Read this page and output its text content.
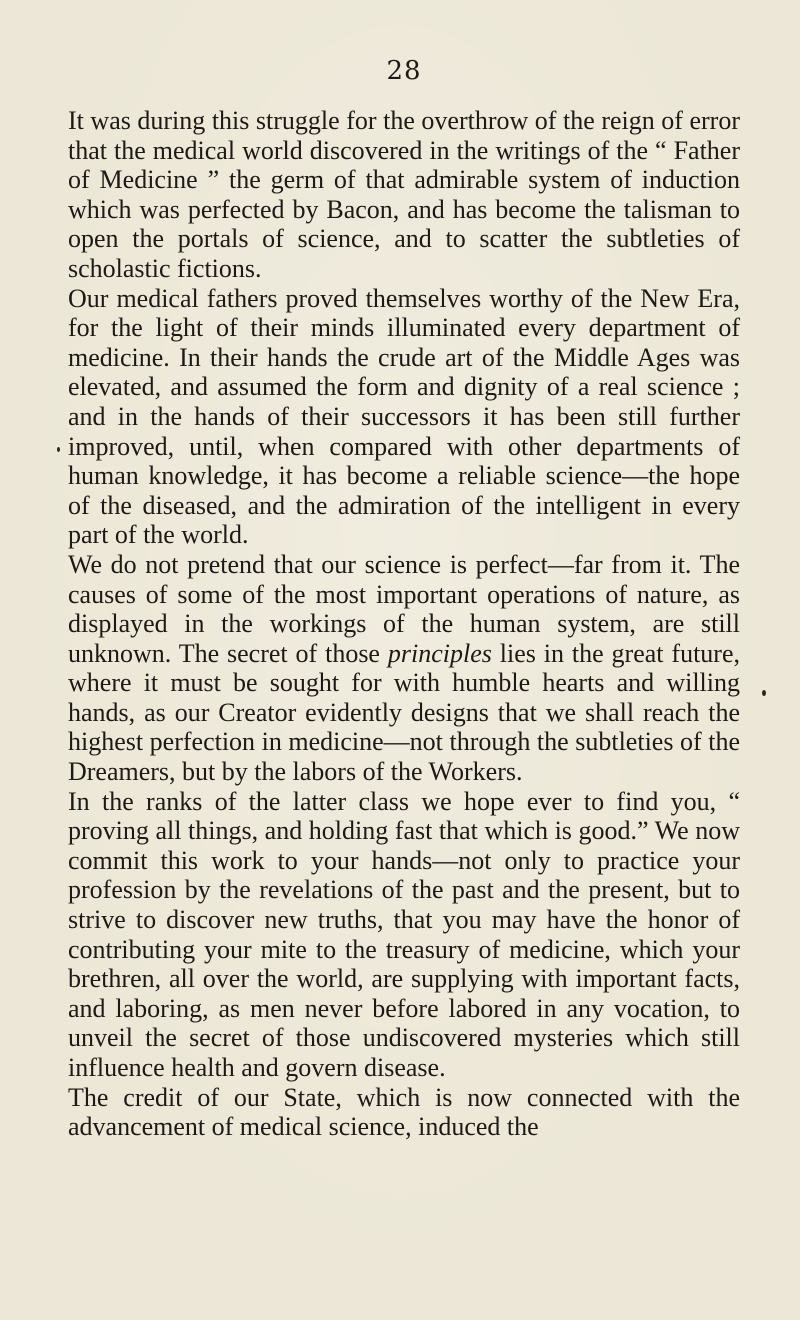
28

It was during this struggle for the overthrow of the reign of error that the medical world discovered in the writings of the “ Father of Medicine ” the germ of that admirable system of induction which was perfected by Bacon, and has become the talisman to open the portals of science, and to scatter the subtleties of scholastic fictions.

Our medical fathers proved themselves worthy of the New Era, for the light of their minds illuminated every department of medicine. In their hands the crude art of the Middle Ages was elevated, and assumed the form and dignity of a real science ; and in the hands of their successors it has been still further improved, until, when compared with other departments of human knowledge, it has become a reliable science—the hope of the diseased, and the admiration of the intelligent in every part of the world.

We do not pretend that our science is perfect—far from it. The causes of some of the most important operations of nature, as displayed in the workings of the human system, are still unknown. The secret of those principles lies in the great future, where it must be sought for with humble hearts and willing hands, as our Creator evidently designs that we shall reach the highest perfection in medicine—not through the subtleties of the Dreamers, but by the labors of the Workers.

In the ranks of the latter class we hope ever to find you, “ proving all things, and holding fast that which is good.” We now commit this work to your hands—not only to practice your profession by the revelations of the past and the present, but to strive to discover new truths, that you may have the honor of contributing your mite to the treasury of medicine, which your brethren, all over the world, are supplying with important facts, and laboring, as men never before labored in any vocation, to unveil the secret of those undiscovered mysteries which still influence health and govern disease.

The credit of our State, which is now connected with the advancement of medical science, induced the
